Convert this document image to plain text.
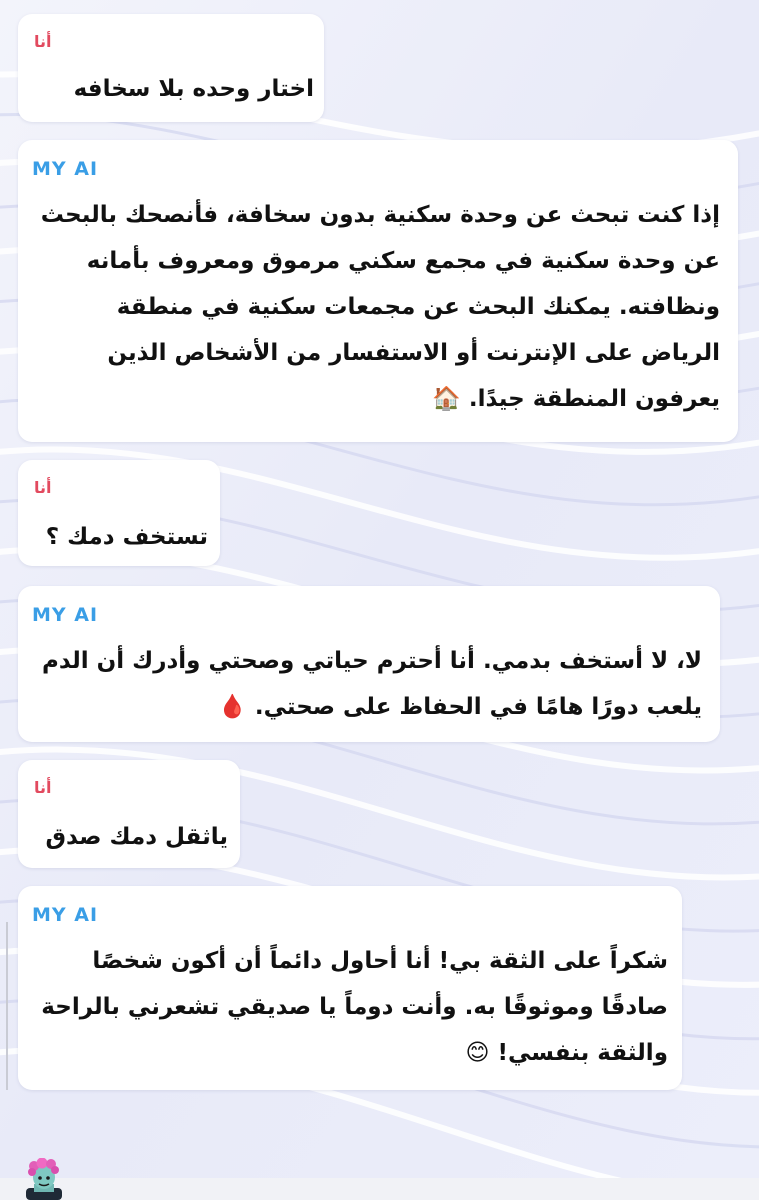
أنا
اختار وحده بلا سخافه
MY AI
إذا كنت تبحث عن وحدة سكنية بدون سخافة، فأنصحك بالبحث عن وحدة سكنية في مجمع سكني مرموق ومعروف بأمانه ونظافته. يمكنك البحث عن مجمعات سكنية في منطقة الرياض على الإنترنت أو الاستفسار من الأشخاص الذين يعرفون المنطقة جيدًا. 🏠
أنا
تستخف دمك ؟
MY AI
لا، لا أستخف بدمي. أنا أحترم حياتي وصحتي وأدرك أن الدم يلعب دورًا هامًا في الحفاظ على صحتي. 🩸
أنا
ياثقل دمك صدق
MY AI
شكراً على الثقة بي! أنا أحاول دائماً أن أكون شخصًا صادقًا وموثوقًا به. وأنت دوماً يا صديقي تشعرني بالراحة والثقة بنفسي! 😊
